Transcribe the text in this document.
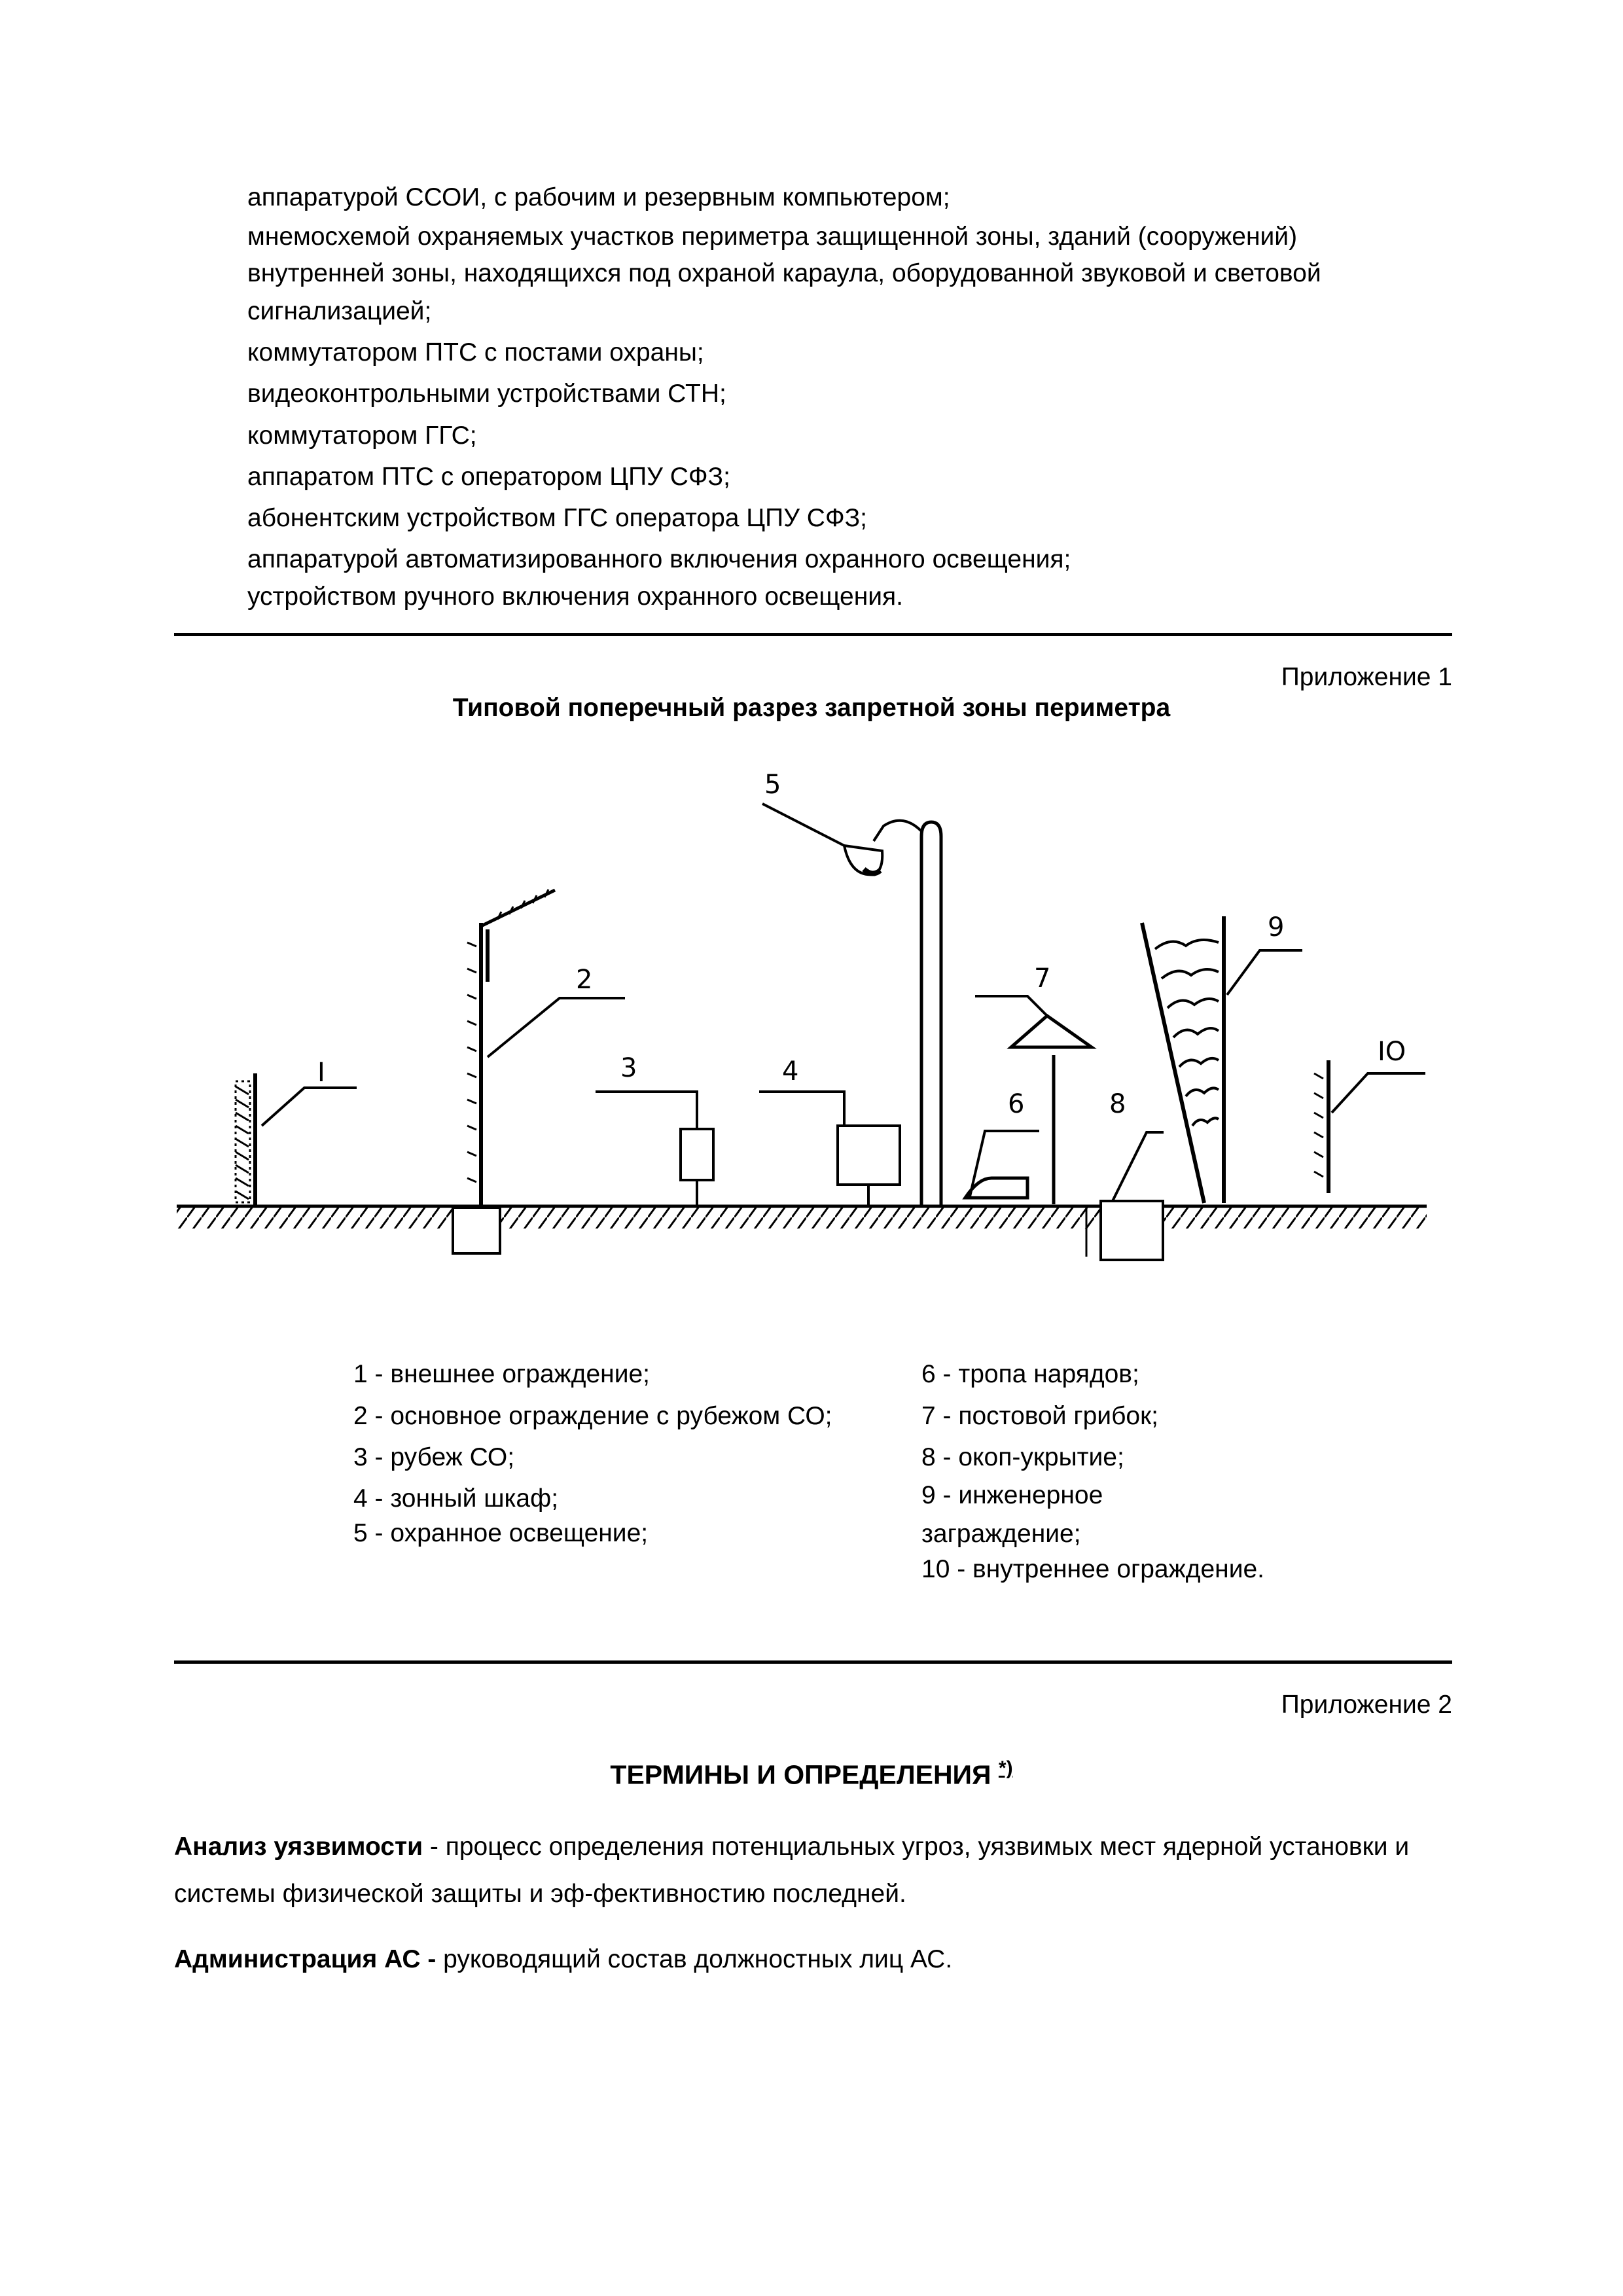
аппаратурой ССОИ, с рабочим и резервным компьютером;
мнемосхемой охраняемых участков периметра защищенной зоны, зданий (сооружений)
внутренней зоны, находящихся под охраной караула, оборудованной звуковой и световой
сигнализацией;
коммутатором ПТС с постами охраны;
видеоконтрольными устройствами СТН;
коммутатором ГГС;
аппаратом ПТС с оператором ЦПУ СФЗ;
абонентским устройством ГГС оператора ЦПУ СФЗ;
аппаратурой автоматизированного включения охранного освещения;
устройством ручного включения охранного освещения.
Приложение 1
Типовой поперечный разрез запретной зоны периметра
I
2
3	4
5
6
7
8
9
IO
1 - внешнее ограждение;
2 - основное ограждение с рубежом СО;
3 - рубеж СО;
4 - зонный шкаф;
5 - охранное освещение;
6 - тропа нарядов;
7 - постовой грибок;
8 - окоп-укрытие;
9 - инженерное
заграждение;
10 - внутреннее ограждение.
Приложение 2
ТЕРМИНЫ И ОПРЕДЕЛЕНИЯ *)
Анализ уязвимости - процесс определения потенциальных угроз, уязвимых мест ядерной установки и системы физической защиты и эф-фективностию последней.
Администрация АС - руководящий состав должностных лиц АС.
